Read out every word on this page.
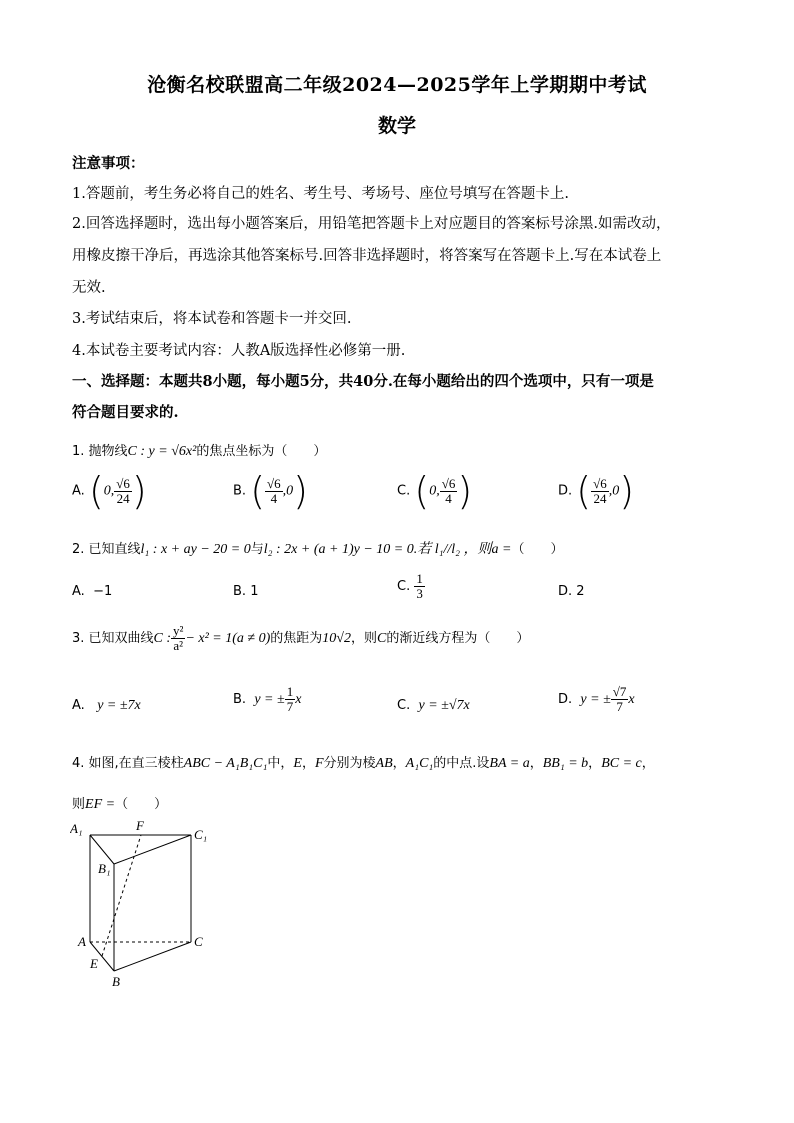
沧衡名校联盟高二年级2024—2025学年上学期期中考试
数学
注意事项：
1.答题前，考生务必将自己的姓名、考生号、考场号、座位号填写在答题卡上.
2.回答选择题时，选出每小题答案后，用铅笔把答题卡上对应题目的答案标号涂黑.如需改动，
用橡皮擦干净后，再选涂其他答案标号.回答非选择题时，将答案写在答题卡上.写在本试卷上
无效.
3.考试结束后，将本试卷和答题卡一并交回.
4.本试卷主要考试内容：人教A版选择性必修第一册.
一、选择题：本题共8小题，每小题5分，共40分.在每小题给出的四个选项中，只有一项是
符合题目要求的.
1. 抛物线C : y = √6x²的焦点坐标为（　　）
A. (0, $\frac{√6}{24}$ )	B. ( $\frac{√6}{4} ,0$)	C. (0, $\frac{√6}{4}$ )	D. ( $\frac{√6}{24} ,0$)
2. 已知直线l₁ : x + ay − 20 = 0与l₂ : 2x + (a + 1)y − 10 = 0.若 l₁//l₂ ，则a =（　　）
A. −1	B. 1	C. $\frac{1}{3}$	D. 2
3. 已知双曲线C : $\frac{\text{y²}}{\text{a²}} - x^2 = 1(a \ne 0)$的焦距为10√2，则C的渐近线方程为（　　）
A. y = ±7x	B. y = ± $\frac{1}{7}$ x	C. y = ±√7x	D. y = ± $\frac{√7}{7}$ x
4. 如图,在直三棱柱ABC − A₁B₁C₁中，E，F分别为棱AB，A₁C₁的中点.设BA = a，BB₁ = b，BC = c，
则EF =（　　）
A₁	F
C₁
B₁
A	C
E
B
